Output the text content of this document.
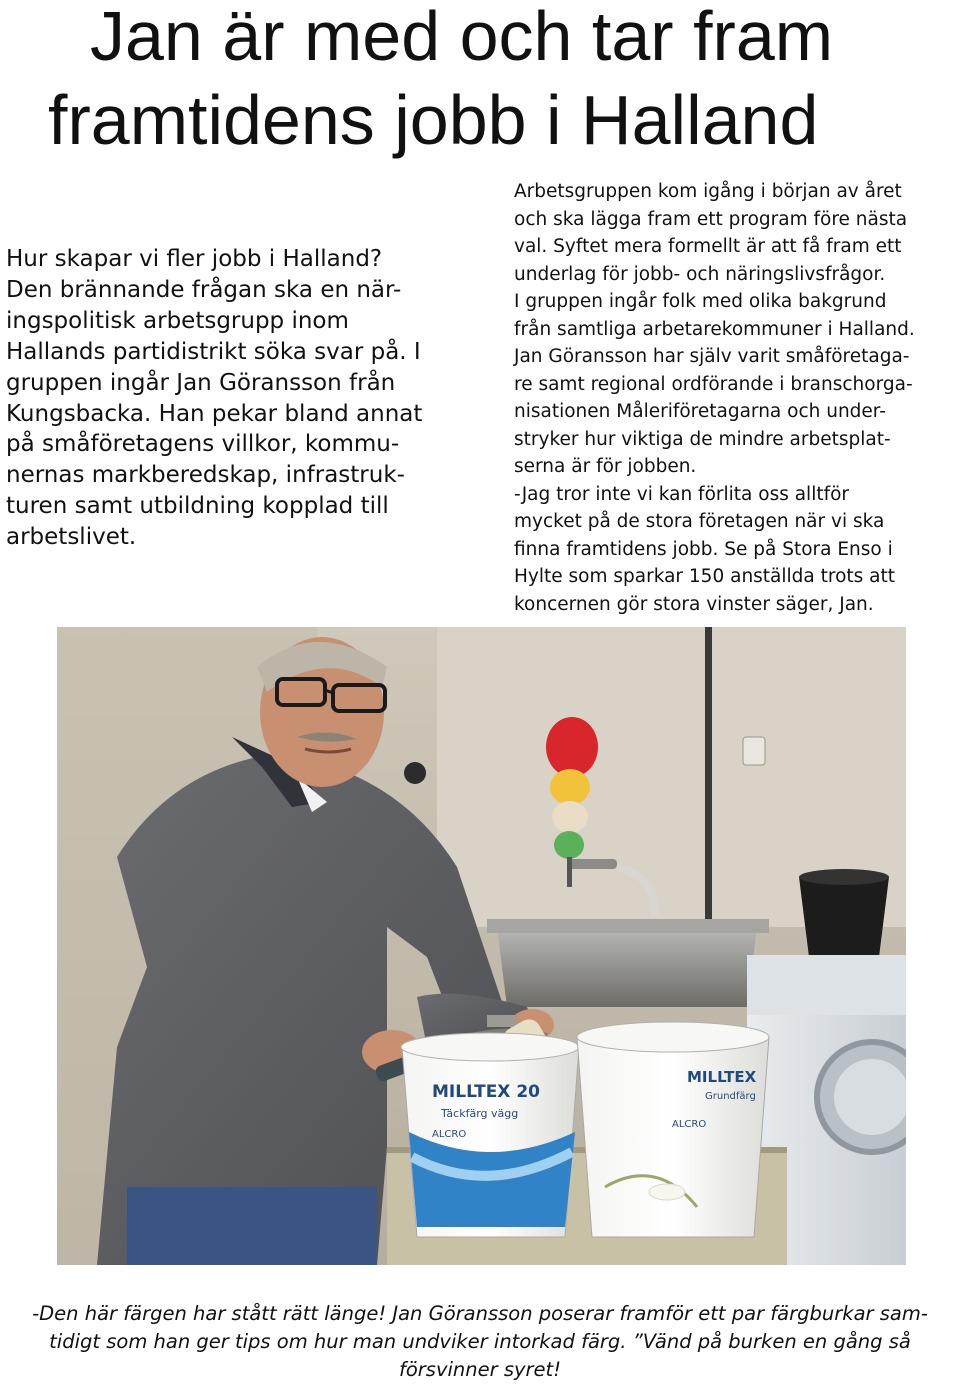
Jan är med och tar fram
framtidens jobb i Halland

Hur skapar vi fler jobb i Halland?
Den brännande frågan ska en när-
ingspolitisk arbetsgrupp inom
Hallands partidistrikt söka svar på. I
gruppen ingår Jan Göransson från
Kungsbacka. Han pekar bland annat
på småföretagens villkor, kommu-
nernas markberedskap, infrastruk-
turen samt utbildning kopplad till
arbetslivet.

Arbetsgruppen kom igång i början av året
och ska lägga fram ett program före nästa
val. Syftet mera formellt är att få fram ett
underlag för jobb- och näringslivsfrågor.
I gruppen ingår folk med olika bakgrund
från samtliga arbetarekommuner i Halland.
Jan Göransson har själv varit småföretaga-
re samt regional ordförande i branschorga-
nisationen Måleriföretagarna och under-
stryker hur viktiga de mindre arbetsplat-
serna är för jobben.
-Jag tror inte vi kan förlita oss alltför
mycket på de stora företagen när vi ska
finna framtidens jobb. Se på Stora Enso i
Hylte som sparkar 150 anställda trots att
koncernen gör stora vinster säger, Jan.

MILLTEX 20
Täckfärg vägg
ALCRO
MILLTEX
Grundfärg
ALCRO

-Den här färgen har stått rätt länge! Jan Göransson poserar framför ett par färgburkar sam-
tidigt som han ger tips om hur man undviker intorkad färg. ”Vänd på burken en gång så
försvinner syret!
